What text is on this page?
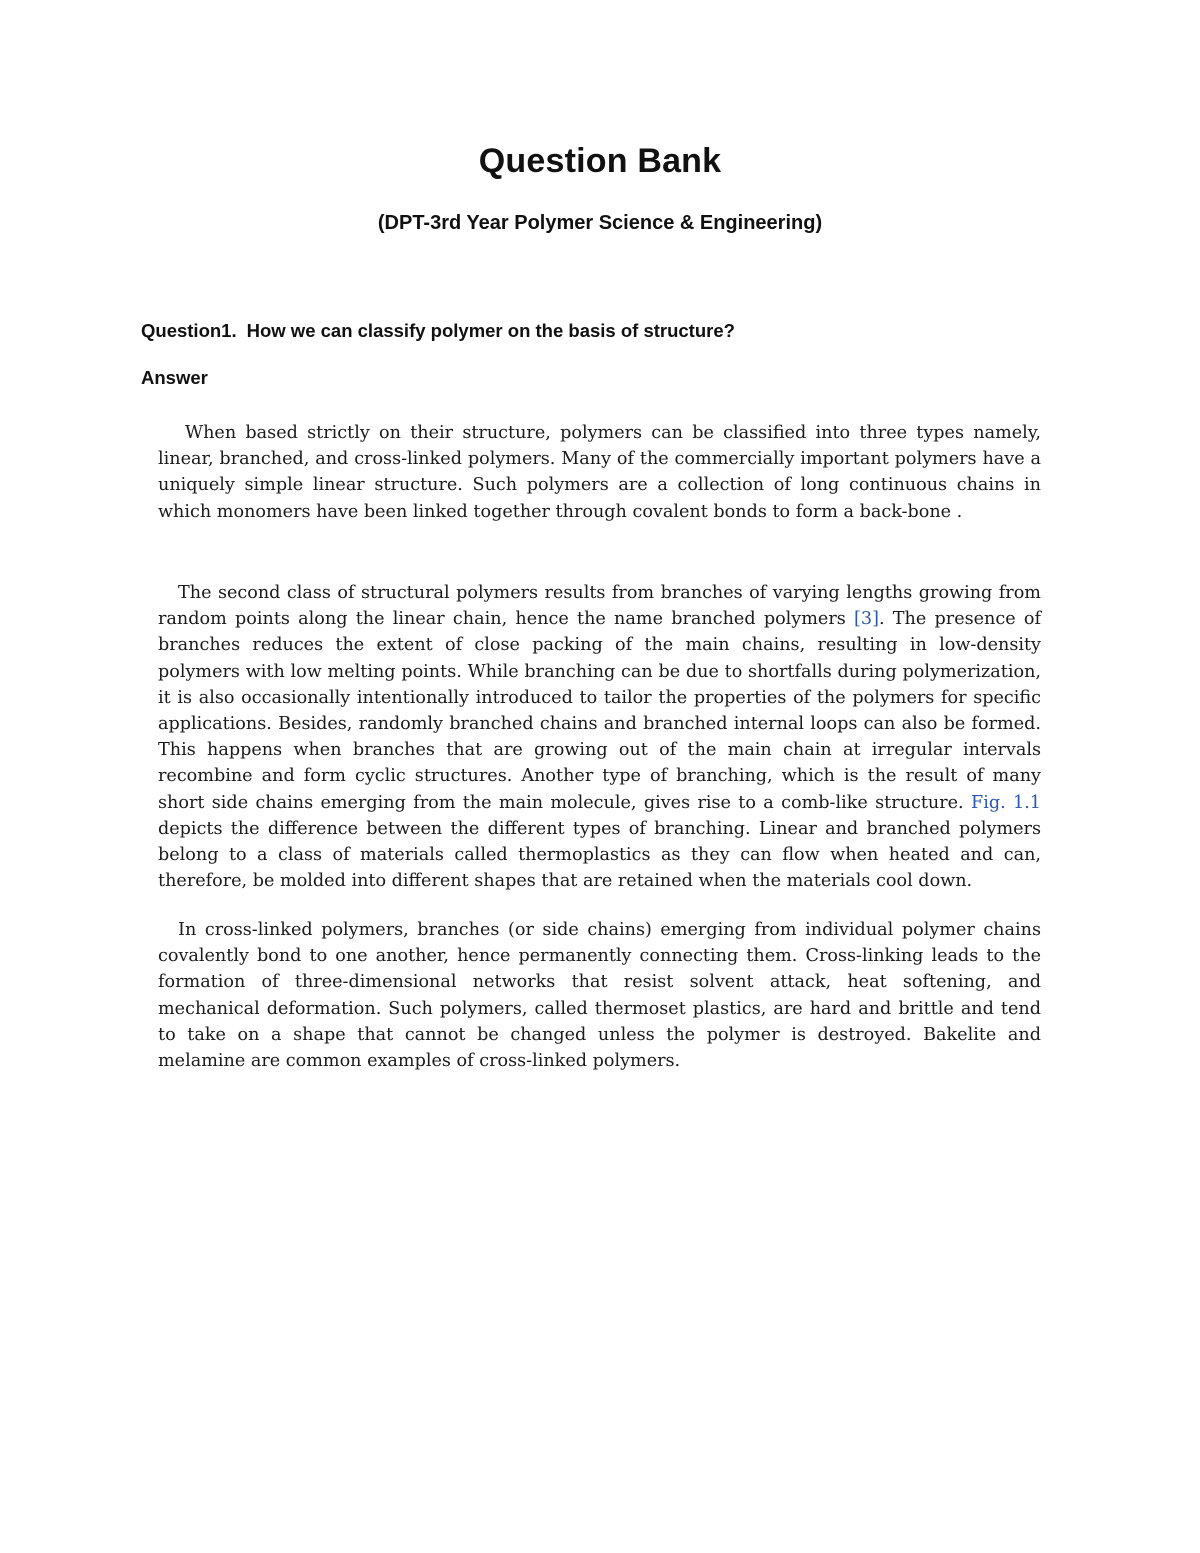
Question Bank
(DPT-3rd Year Polymer Science & Engineering)
Question1. How we can classify polymer on the basis of structure?
Answer

When based strictly on their structure, polymers can be classified into three types namely, linear, branched, and cross-linked polymers. Many of the commercially important polymers have a uniquely simple linear structure. Such polymers are a collection of long continuous chains in which monomers have been linked together through covalent bonds to form a back-bone .

The second class of structural polymers results from branches of varying lengths growing from random points along the linear chain, hence the name branched polymers [3]. The presence of branches reduces the extent of close packing of the main chains, resulting in low-density polymers with low melting points. While branching can be due to shortfalls during polymerization, it is also occasionally intentionally introduced to tailor the properties of the polymers for specific applications. Besides, randomly branched chains and branched internal loops can also be formed. This happens when branches that are growing out of the main chain at irregular intervals recombine and form cyclic structures. Another type of branching, which is the result of many short side chains emerging from the main molecule, gives rise to a comb-like structure. Fig. 1.1 depicts the difference between the different types of branching. Linear and branched polymers belong to a class of materials called thermoplastics as they can flow when heated and can, therefore, be molded into different shapes that are retained when the materials cool down.

In cross-linked polymers, branches (or side chains) emerging from individual polymer chains covalently bond to one another, hence permanently connecting them. Cross-linking leads to the formation of three-dimensional networks that resist solvent attack, heat softening, and mechanical deformation. Such polymers, called thermoset plastics, are hard and brittle and tend to take on a shape that cannot be changed unless the polymer is destroyed. Bakelite and melamine are common examples of cross-linked polymers.
